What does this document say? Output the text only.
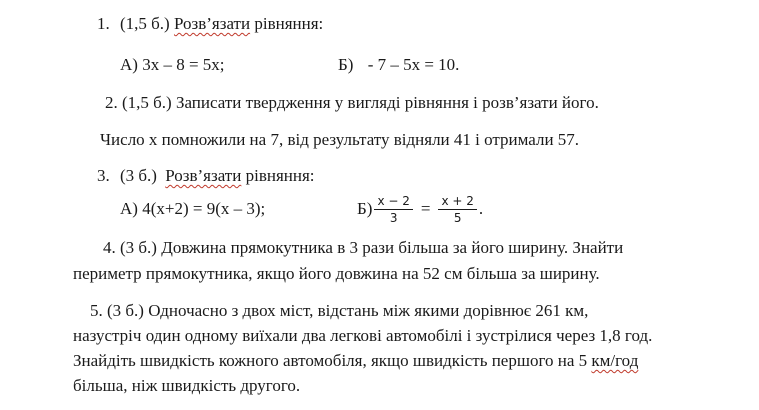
1. (1,5 б.) Розв’язати рівняння:
А) 3х – 8 = 5х;	Б) - 7 – 5х = 10.
2. (1,5 б.) Записати твердження у вигляді рівняння і розв’язати його.
Число х помножили на 7, від результату відняли 41 і отримали 57.
3. (3 б.) Розв’язати рівняння:
А) 4(х+2) = 9(х – 3);	$Б) \frac{x - 2}{3} = \frac{x + 2}{5}$ .
4. (3 б.) Довжина прямокутника в 3 рази більша за його ширину. Знайти
периметр прямокутника, якщо його довжина на 52 см більша за ширину.
5. (3 б.) Одночасно з двох міст, відстань між якими дорівнює 261 км,
назустріч один одному виїхали два легкові автомобілі і зустрілися через 1,8 год.
Знайдіть швидкість кожного автомобіля, якщо швидкість першого на 5 км/год
більша, ніж швидкість другого.
